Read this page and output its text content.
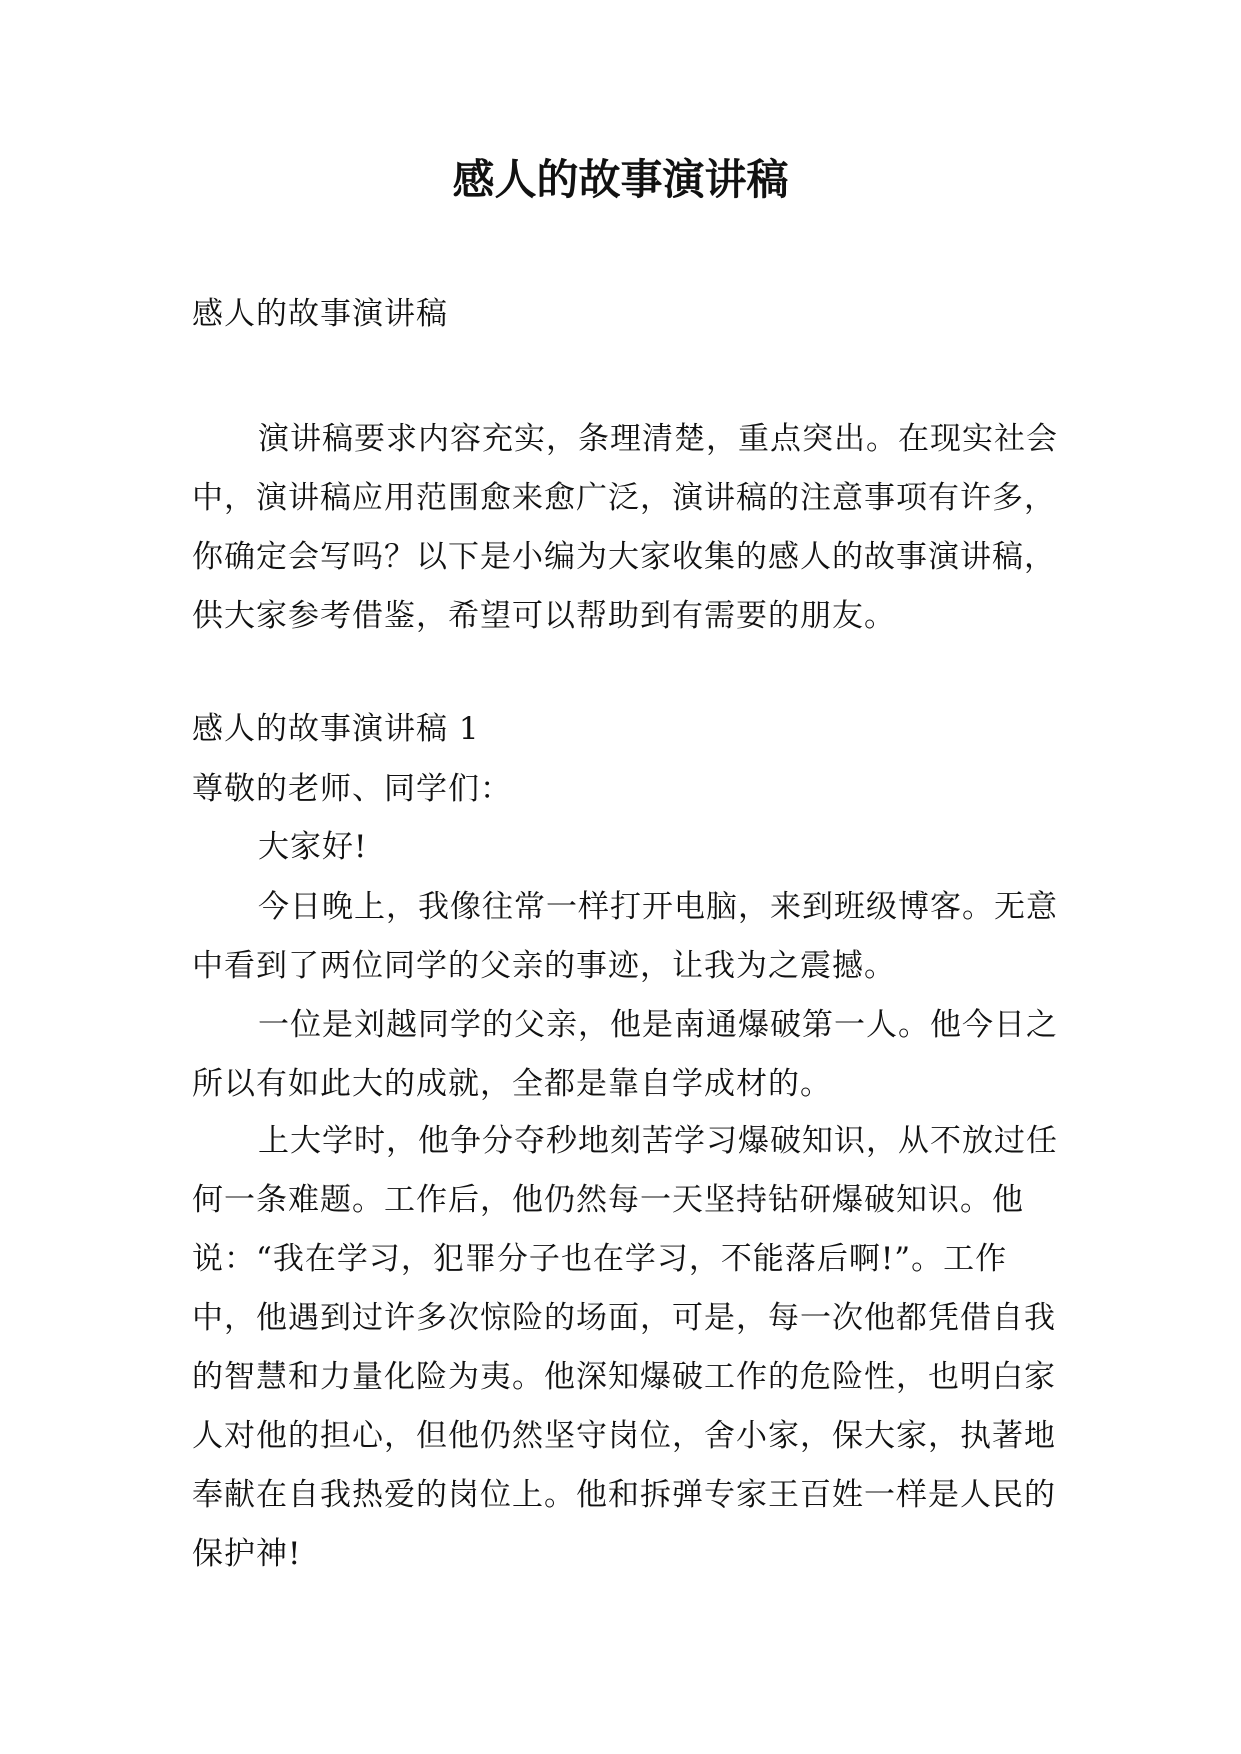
感人的故事演讲稿

感人的故事演讲稿

演讲稿要求内容充实，条理清楚，重点突出。在现实社会中，演讲稿应用范围愈来愈广泛，演讲稿的注意事项有许多，你确定会写吗？以下是小编为大家收集的感人的故事演讲稿，供大家参考借鉴，希望可以帮助到有需要的朋友。

感人的故事演讲稿 1

尊敬的老师、同学们：

大家好!

今日晚上，我像往常一样打开电脑，来到班级博客。无意中看到了两位同学的父亲的事迹，让我为之震撼。

一位是刘越同学的父亲，他是南通爆破第一人。他今日之所以有如此大的成就，全都是靠自学成材的。

上大学时，他争分夺秒地刻苦学习爆破知识，从不放过任何一条难题。工作后，他仍然每一天坚持钻研爆破知识。他说：“我在学习，犯罪分子也在学习，不能落后啊!”。工作中，他遇到过许多次惊险的场面，可是，每一次他都凭借自我的智慧和力量化险为夷。他深知爆破工作的危险性，也明白家人对他的担心，但他仍然坚守岗位，舍小家，保大家，执著地奉献在自我热爱的岗位上。他和拆弹专家王百姓一样是人民的保护神!
